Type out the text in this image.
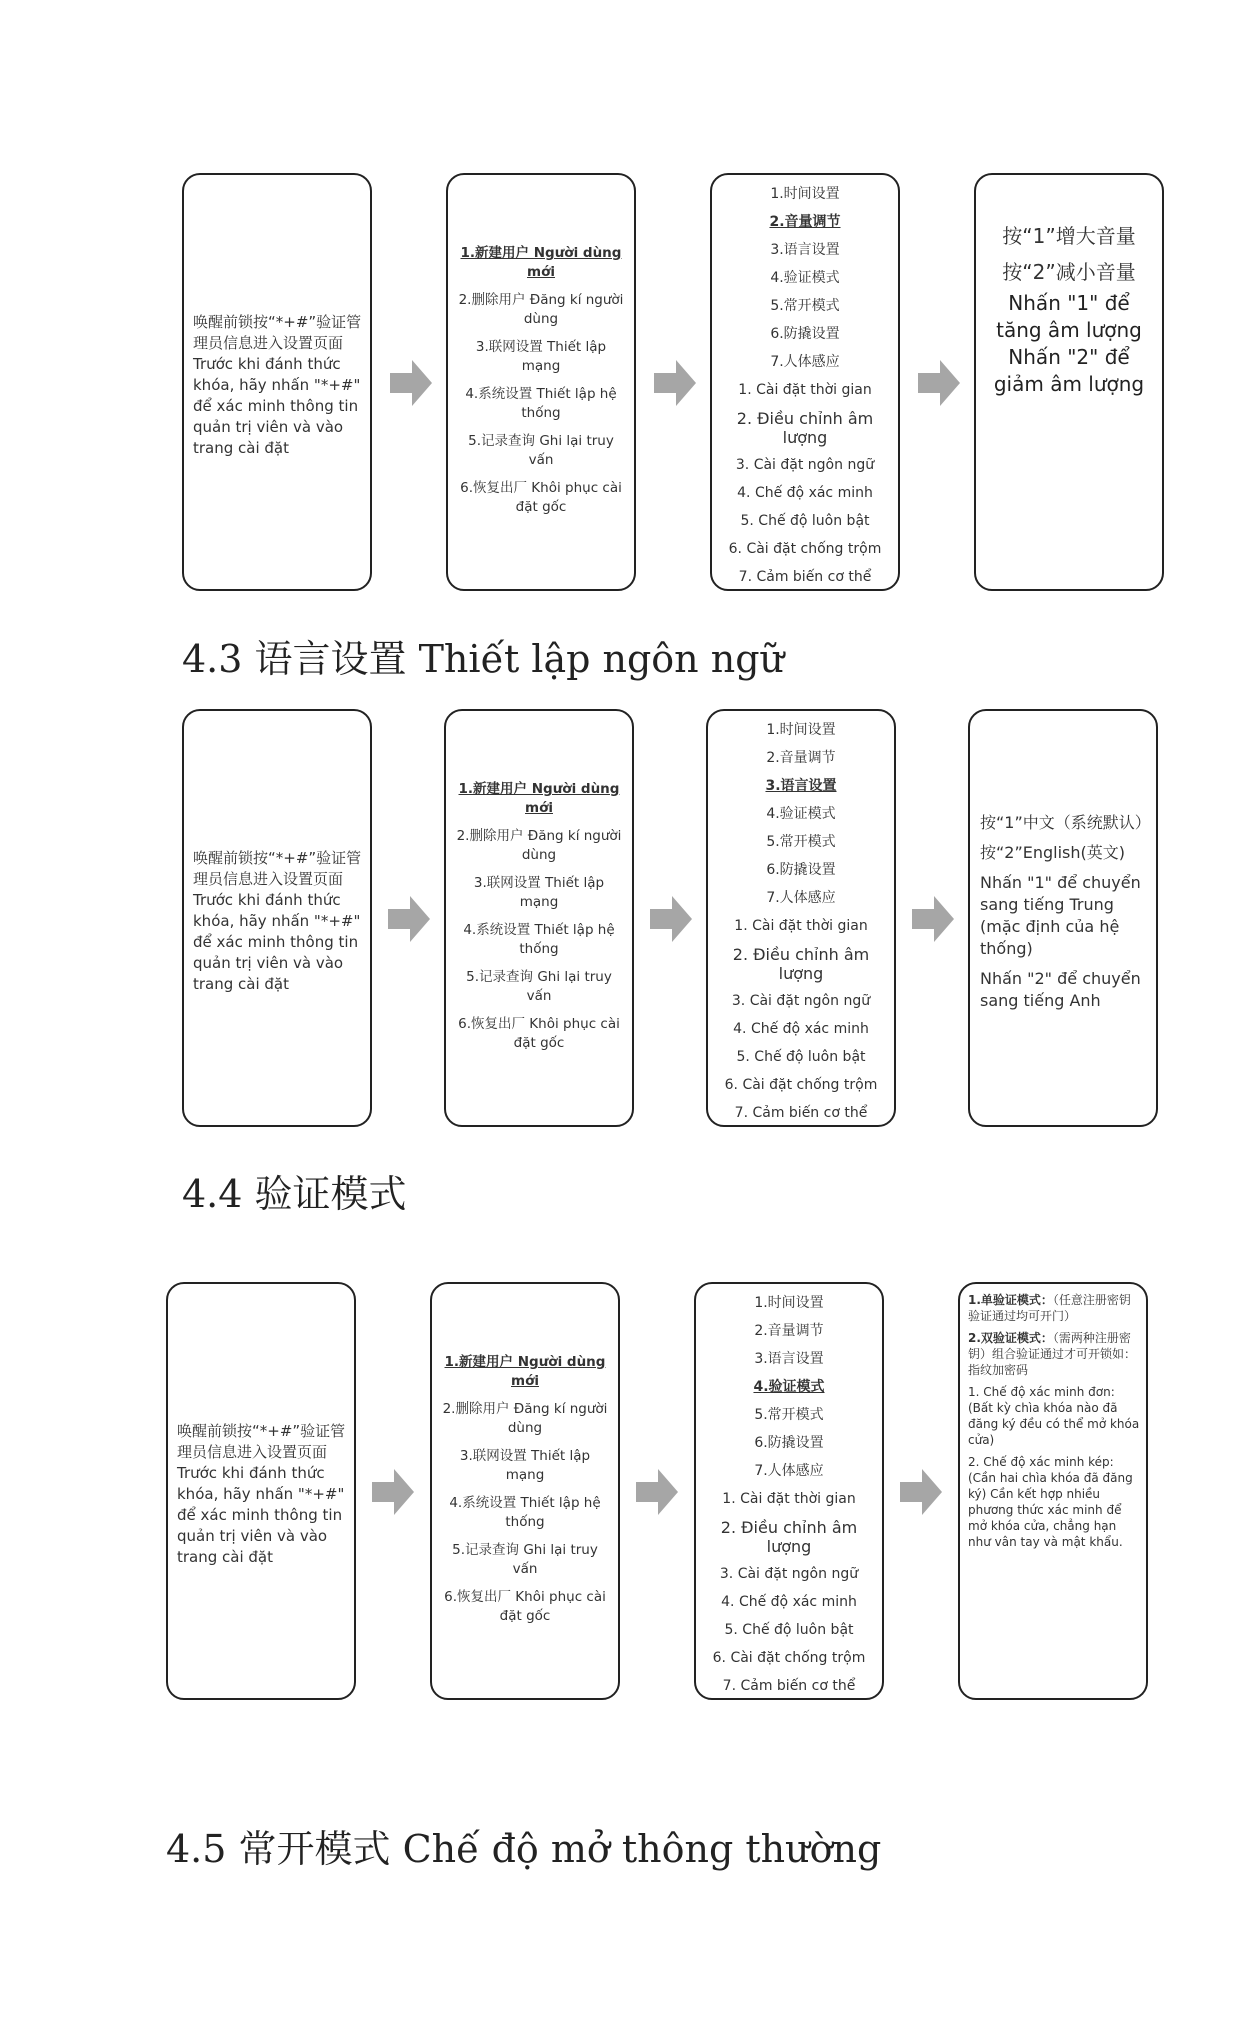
唤醒前锁按“*+#”验证管理员信息进入设置页面
Trước khi đánh thức khóa, hãy nhấn "*+#" để xác minh thông tin quản trị viên và vào trang cài đặt
1.新建用户 Người dùng mới
2.删除用户 Đăng kí người dùng
3.联网设置 Thiết lập mạng
4.系统设置 Thiết lập hệ thống
5.记录查询 Ghi lại truy vấn
6.恢复出厂 Khôi phục cài đặt gốc
1.时间设置
2.音量调节
3.语言设置
4.验证模式
5.常开模式
6.防撬设置
7.人体感应
1. Cài đặt thời gian
2. Điều chỉnh âm lượng
3. Cài đặt ngôn ngữ
4. Chế độ xác minh
5. Chế độ luôn bật
6. Cài đặt chống trộm
7. Cảm biến cơ thể
按“1”增大音量
按“2”减小音量
Nhấn "1" để tăng âm lượng Nhấn "2" để giảm âm lượng
4.3 语言设置 Thiết lập ngôn ngữ
唤醒前锁按“*+#”验证管理员信息进入设置页面
Trước khi đánh thức khóa, hãy nhấn "*+#" để xác minh thông tin quản trị viên và vào trang cài đặt
1.新建用户 Người dùng mới
2.删除用户 Đăng kí người dùng
3.联网设置 Thiết lập mạng
4.系统设置 Thiết lập hệ thống
5.记录查询 Ghi lại truy vấn
6.恢复出厂 Khôi phục cài đặt gốc
1.时间设置
2.音量调节
3.语言设置
4.验证模式
5.常开模式
6.防撬设置
7.人体感应
1. Cài đặt thời gian
2. Điều chỉnh âm lượng
3. Cài đặt ngôn ngữ
4. Chế độ xác minh
5. Chế độ luôn bật
6. Cài đặt chống trộm
7. Cảm biến cơ thể

按“1”中文（系统默认）

按“2”English(英文)

Nhấn "1" để chuyển sang tiếng Trung (mặc định của hệ thống)

Nhấn "2" để chuyển sang tiếng Anh

4.4 验证模式
唤醒前锁按“*+#”验证管理员信息进入设置页面
Trước khi đánh thức khóa, hãy nhấn "*+#" để xác minh thông tin quản trị viên và vào trang cài đặt
1.新建用户 Người dùng mới
2.删除用户 Đăng kí người dùng
3.联网设置 Thiết lập mạng
4.系统设置 Thiết lập hệ thống
5.记录查询 Ghi lại truy vấn
6.恢复出厂 Khôi phục cài đặt gốc
1.时间设置
2.音量调节
3.语言设置
4.验证模式
5.常开模式
6.防撬设置
7.人体感应
1. Cài đặt thời gian
2. Điều chỉnh âm lượng
3. Cài đặt ngôn ngữ
4. Chế độ xác minh
5. Chế độ luôn bật
6. Cài đặt chống trộm
7. Cảm biến cơ thể

1.单验证模式：（任意注册密钥验证通过均可开门）

2.双验证模式：（需两种注册密钥）组合验证通过才可开锁如：指纹加密码

1. Chế độ xác minh đơn: (Bất kỳ chìa khóa nào đã đăng ký đều có thể mở khóa cửa)

2. Chế độ xác minh kép: (Cần hai chìa khóa đã đăng ký) Cần kết hợp nhiều phương thức xác minh để mở khóa cửa, chẳng hạn như vân tay và mật khẩu.

4.5 常开模式 Chế độ mở thông thường
